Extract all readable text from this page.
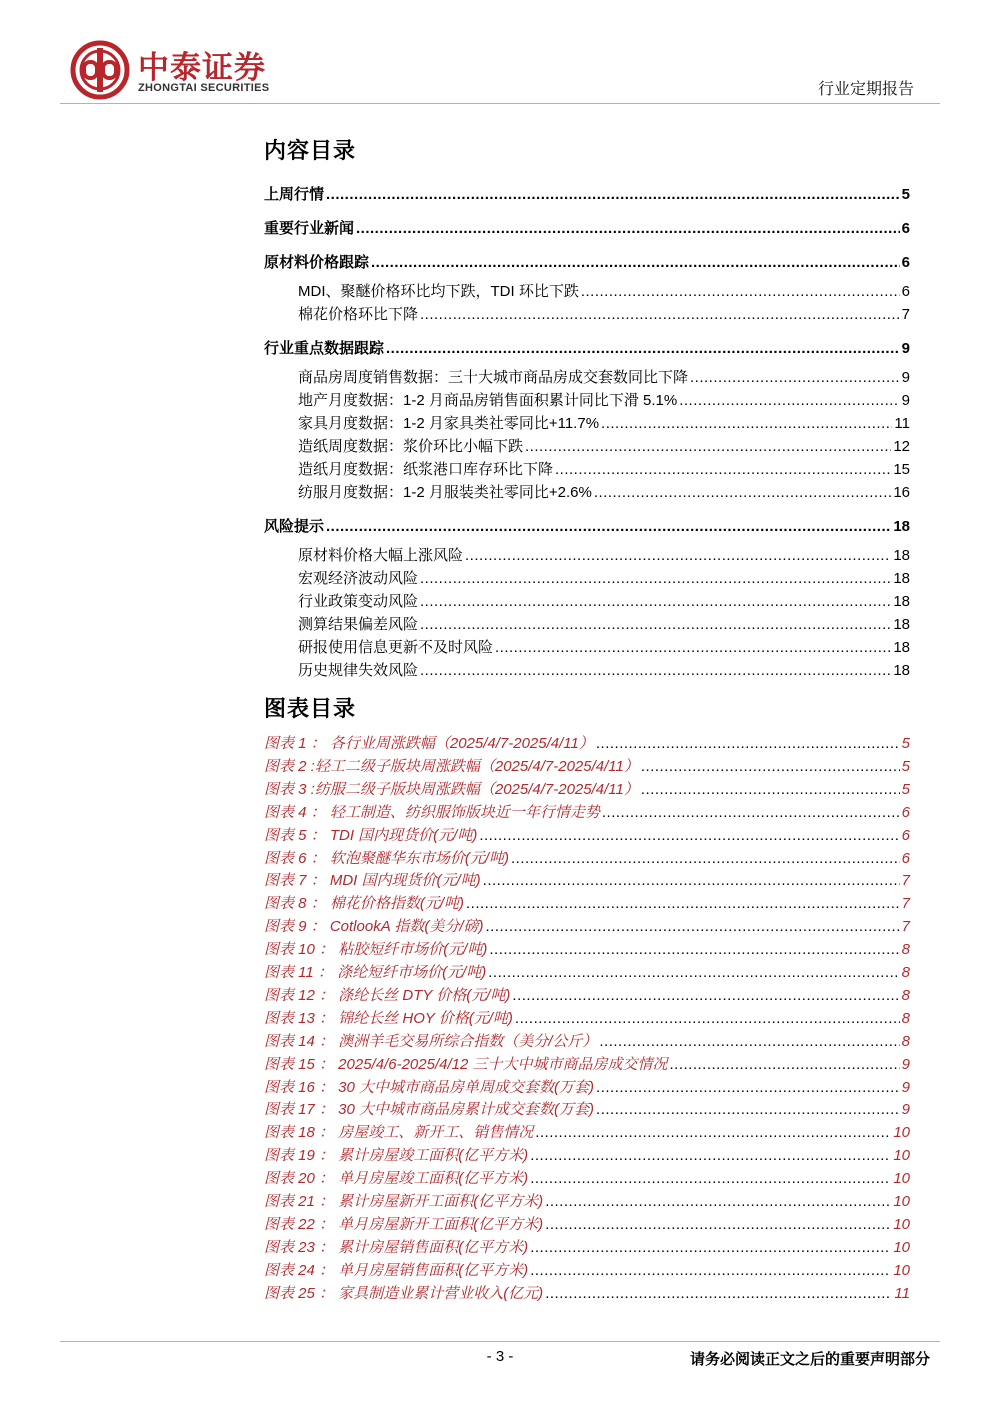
中泰证券
ZHONGTAI SECURITIES	行业定期报告
内容目录
上周行情 .....	5
重要行业新闻 .....	6
原材料价格跟踪 .....	6
MDI、聚醚价格环比均下跌，TDI 环比下跌 .....	6
棉花价格环比下降 .....	7
行业重点数据跟踪 .....	9
商品房周度销售数据：三十大城市商品房成交套数同比下降 .....	9
地产月度数据：1-2 月商品房销售面积累计同比下滑 5.1% .....	9
家具月度数据：1-2 月家具类社零同比+11.7% .....	11
造纸周度数据：浆价环比小幅下跌 .....	12
造纸月度数据：纸浆港口库存环比下降 .....	15
纺服月度数据：1-2 月服装类社零同比+2.6% .....	16
风险提示 .....	18
原材料价格大幅上涨风险 .....	18
宏观经济波动风险 .....	18
行业政策变动风险 .....	18
测算结果偏差风险 .....	18
研报使用信息更新不及时风险 .....	18
历史规律失效风险 .....	18
图表目录
图表 1 ： 各行业周涨跌幅（2025/4/7-2025/4/11） .....	5
图表 2 :轻工二级子版块周涨跌幅（2025/4/7-2025/4/11） .....	5
图表 3 :纺服二级子版块周涨跌幅（2025/4/7-2025/4/11） .....	5
图表 4 ： 轻工制造、纺织服饰版块近一年行情走势 .....	6
图表 5 ： TDI 国内现货价(元/吨) .....	6
图表 6 ： 软泡聚醚华东市场价(元/吨) .....	6
图表 7 ： MDI 国内现货价(元/吨) .....	7
图表 8 ： 棉花价格指数(元/吨) .....	7
图表 9 ： CotlookA 指数(美分/磅) .....	7
图表 10 ： 粘胶短纤市场价(元/吨) .....	8
图表 11 ： 涤纶短纤市场价(元/吨) .....	8
图表 12 ： 涤纶长丝 DTY 价格(元/吨) .....	8
图表 13 ： 锦纶长丝 HOY 价格(元/吨) .....	8
图表 14 ： 澳洲羊毛交易所综合指数（美分/公斤） .....	8
图表 15 ： 2025/4/6-2025/4/12 三十大中城市商品房成交情况 .....	9
图表 16 ： 30 大中城市商品房单周成交套数(万套) .....	9
图表 17 ： 30 大中城市商品房累计成交套数(万套) .....	9
图表 18 ： 房屋竣工、新开工、销售情况 .....	10
图表 19 ： 累计房屋竣工面积(亿平方米) .....	10
图表 20 ： 单月房屋竣工面积(亿平方米) .....	10
图表 21 ： 累计房屋新开工面积(亿平方米) .....	10
图表 22 ： 单月房屋新开工面积(亿平方米) .....	10
图表 23 ： 累计房屋销售面积(亿平方米) .....	10
图表 24 ： 单月房屋销售面积(亿平方米) .....	10
图表 25 ： 家具制造业累计营业收入(亿元) .....	11
- 3 -	请务必阅读正文之后的重要声明部分
